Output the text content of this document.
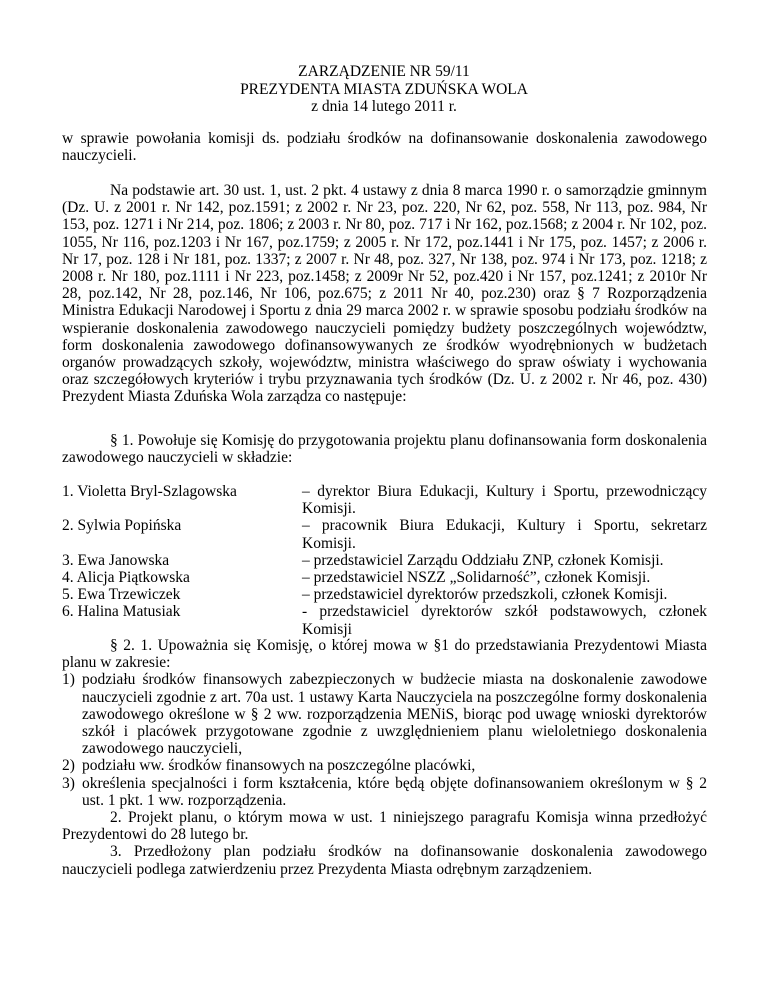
ZARZĄDZENIE NR 59/11
PREZYDENTA MIASTA ZDUŃSKA WOLA
z dnia 14 lutego 2011 r.
w sprawie powołania komisji ds. podziału środków na dofinansowanie doskonalenia zawodowego nauczycieli.
Na podstawie art. 30 ust. 1, ust. 2 pkt. 4 ustawy z dnia 8 marca 1990 r. o samorządzie gminnym (Dz. U. z 2001 r. Nr 142, poz.1591; z 2002 r. Nr 23, poz. 220, Nr 62, poz. 558, Nr 113, poz. 984, Nr 153, poz. 1271 i Nr 214, poz. 1806; z 2003 r. Nr 80, poz. 717 i Nr 162, poz.1568; z 2004 r. Nr 102, poz. 1055, Nr 116, poz.1203 i Nr 167, poz.1759; z 2005 r. Nr 172, poz.1441 i Nr 175, poz. 1457; z 2006 r. Nr 17, poz. 128 i Nr 181, poz. 1337; z 2007 r. Nr 48, poz. 327, Nr 138, poz. 974 i Nr 173, poz. 1218; z 2008 r. Nr 180, poz.1111 i Nr 223, poz.1458; z 2009r Nr 52, poz.420 i Nr 157, poz.1241; z 2010r Nr 28, poz.142, Nr 28, poz.146, Nr 106, poz.675; z 2011 Nr 40, poz.230) oraz § 7 Rozporządzenia Ministra Edukacji Narodowej i Sportu z dnia 29 marca 2002 r. w sprawie sposobu podziału środków na wspieranie doskonalenia zawodowego nauczycieli pomiędzy budżety poszczególnych województw, form doskonalenia zawodowego dofinansowywanych ze środków wyodrębnionych w budżetach organów prowadzących szkoły, województw, ministra właściwego do spraw oświaty i wychowania oraz szczegółowych kryteriów i trybu przyznawania tych środków (Dz. U. z 2002 r. Nr 46, poz. 430) Prezydent Miasta Zduńska Wola zarządza co następuje:
§ 1. Powołuje się Komisję do przygotowania projektu planu dofinansowania form doskonalenia zawodowego nauczycieli w składzie:
1. Violetta Bryl-Szlagowska	– dyrektor Biura Edukacji, Kultury i Sportu, przewodniczący Komisji.
2. Sylwia Popińska	– pracownik Biura Edukacji, Kultury i Sportu, sekretarz Komisji.
3. Ewa Janowska	– przedstawiciel Zarządu Oddziału ZNP, członek Komisji.
4. Alicja Piątkowska	– przedstawiciel NSZZ „Solidarność”, członek Komisji.
5. Ewa Trzewiczek	– przedstawiciel dyrektorów przedszkoli, członek Komisji.
6. Halina Matusiak	- przedstawiciel dyrektorów szkół podstawowych, członek Komisji
§ 2. 1. Upoważnia się Komisję, o której mowa w §1 do przedstawiania Prezydentowi Miasta planu w zakresie:
1) podziału środków finansowych zabezpieczonych w budżecie miasta na doskonalenie zawodowe nauczycieli zgodnie z art. 70a ust. 1 ustawy Karta Nauczyciela na poszczególne formy doskonalenia zawodowego określone w § 2 ww. rozporządzenia MENiS, biorąc pod uwagę wnioski dyrektorów szkół i placówek przygotowane zgodnie z uwzględnieniem planu wieloletniego doskonalenia zawodowego nauczycieli,
2) podziału ww. środków finansowych na poszczególne placówki,
3) określenia specjalności i form kształcenia, które będą objęte dofinansowaniem określonym w § 2 ust. 1 pkt. 1 ww. rozporządzenia.
2. Projekt planu, o którym mowa w ust. 1 niniejszego paragrafu Komisja winna przedłożyć Prezydentowi do 28 lutego br.
3. Przedłożony plan podziału środków na dofinansowanie doskonalenia zawodowego nauczycieli podlega zatwierdzeniu przez Prezydenta Miasta odrębnym zarządzeniem.
